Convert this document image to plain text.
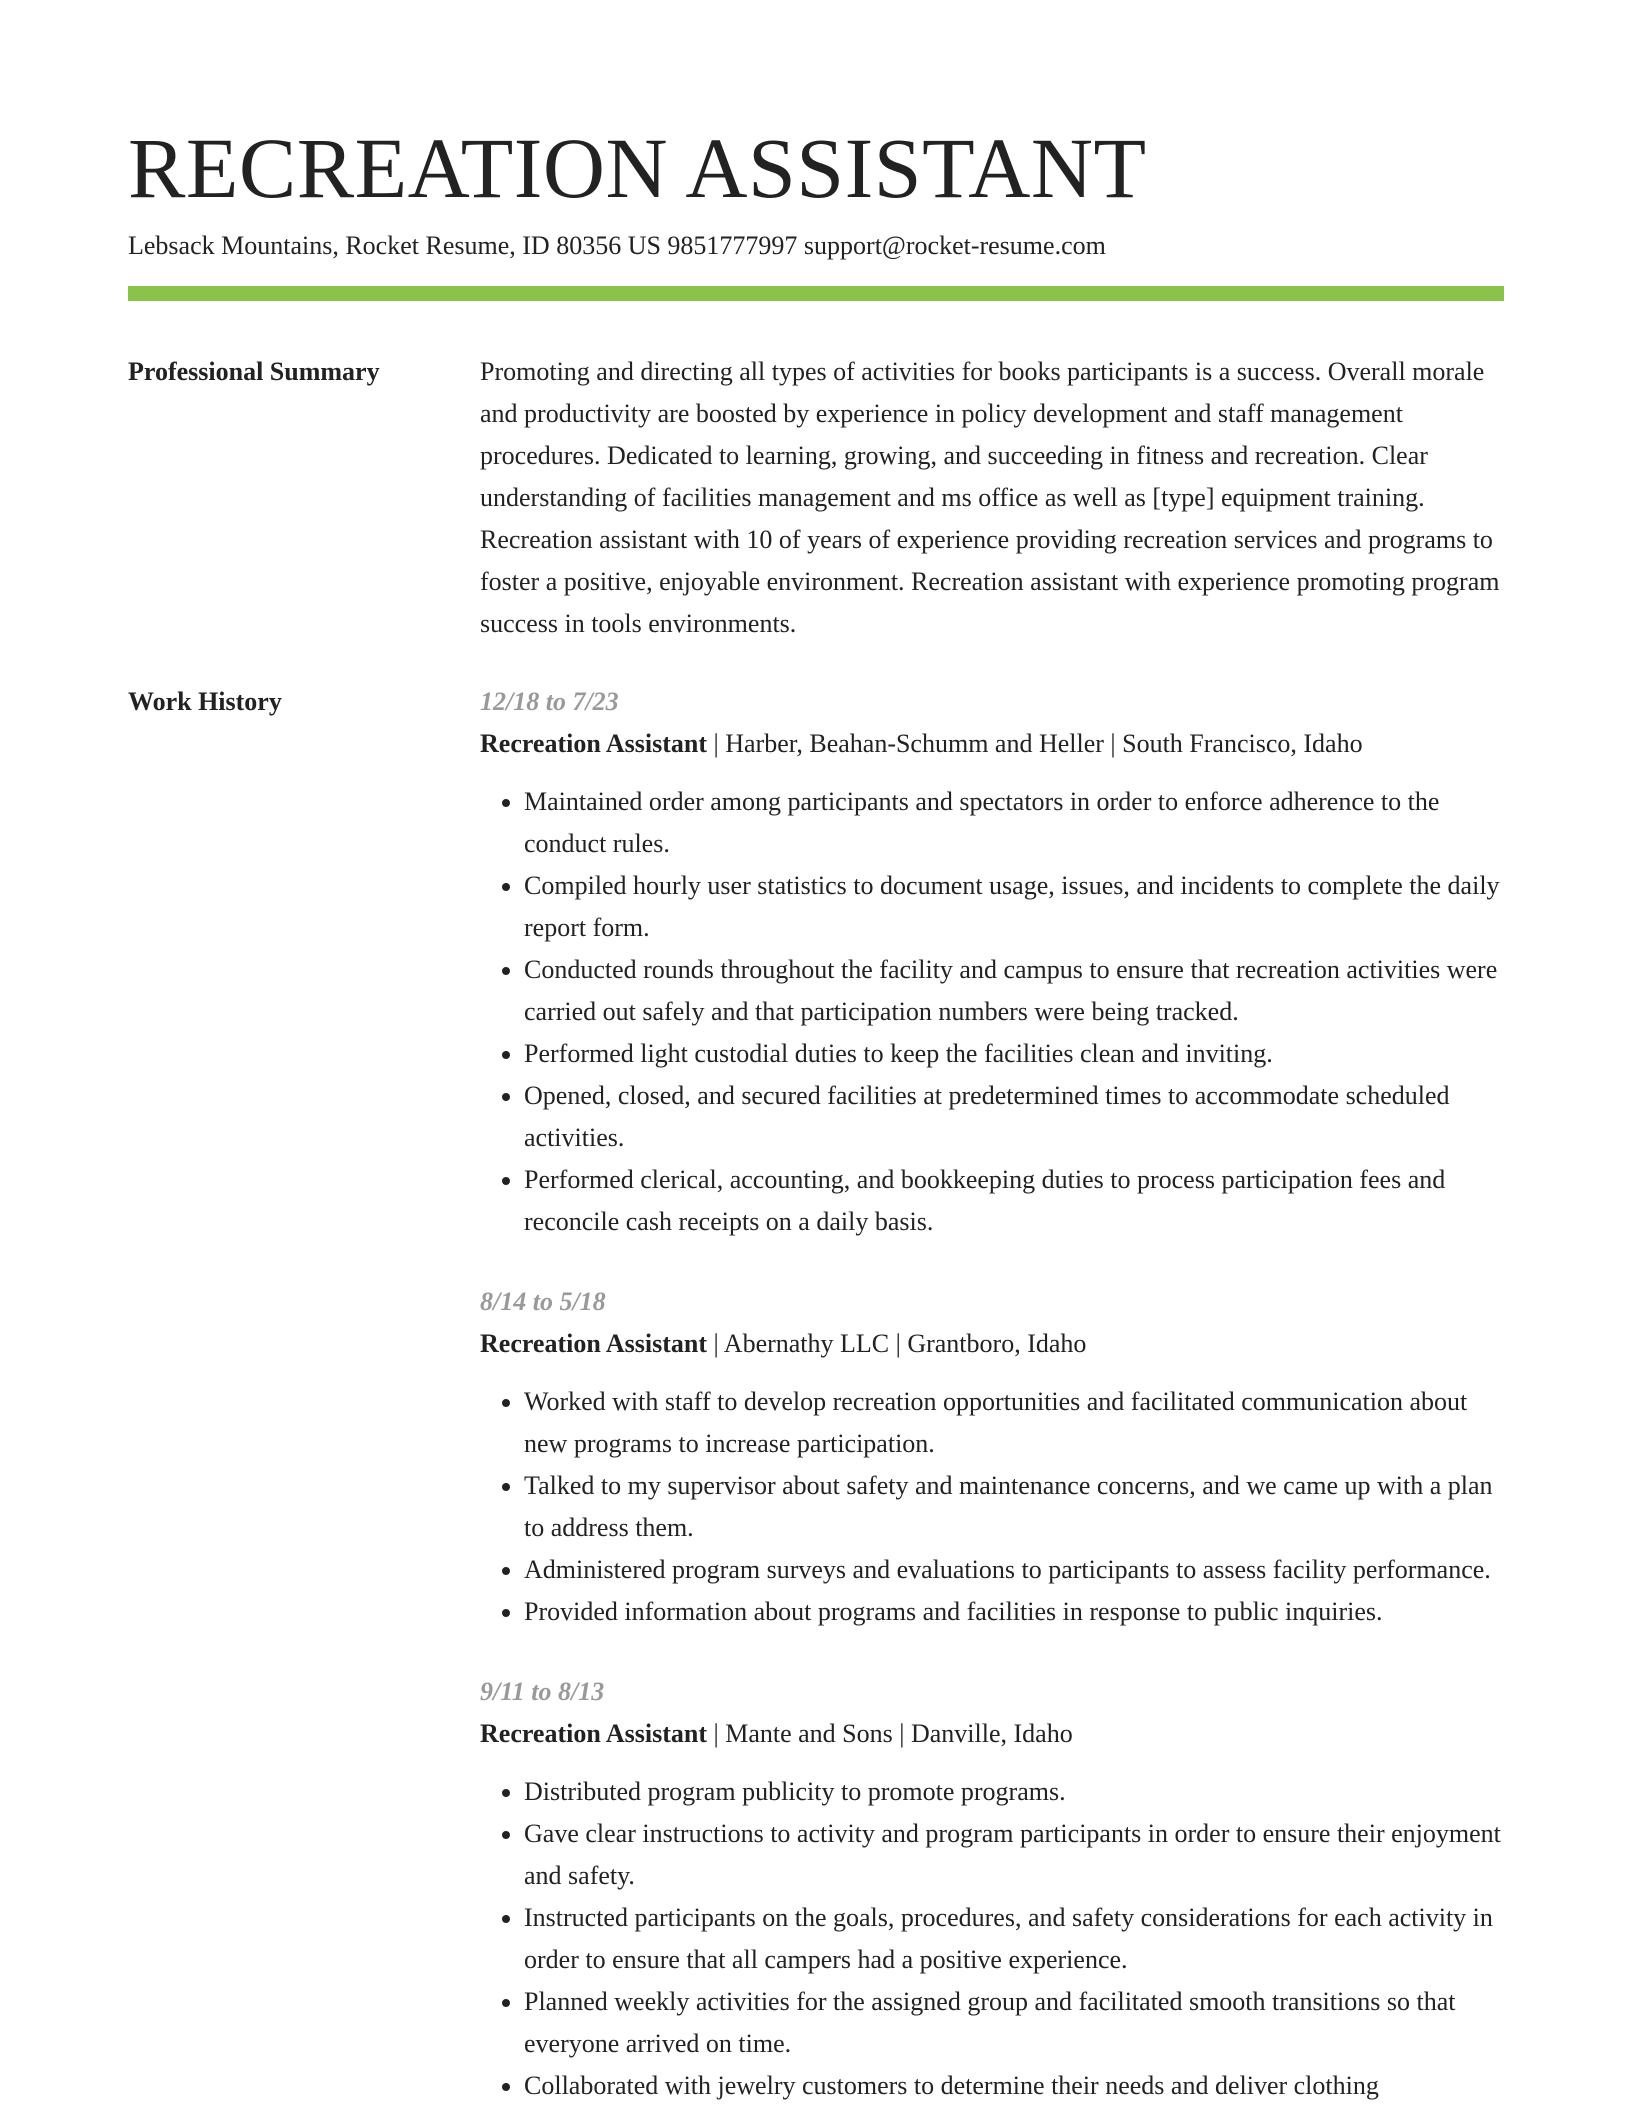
RECREATION ASSISTANT
Lebsack Mountains, Rocket Resume, ID 80356 US 9851777997 support@rocket-resume.com
Professional Summary	Promoting and directing all types of activities for books participants is a success. Overall morale and productivity are boosted by experience in policy development and staff management procedures. Dedicated to learning, growing, and succeeding in fitness and recreation. Clear understanding of facilities management and ms office as well as [type] equipment training. Recreation assistant with 10 of years of experience providing recreation services and programs to foster a positive, enjoyable environment. Recreation assistant with experience promoting program success in tools environments.

Work History	12/18 to 7/23
Recreation Assistant | Harber, Beahan-Schumm and Heller | South Francisco, Idaho
• Maintained order among participants and spectators in order to enforce adherence to the conduct rules.
• Compiled hourly user statistics to document usage, issues, and incidents to complete the daily report form.
• Conducted rounds throughout the facility and campus to ensure that recreation activities were carried out safely and that participation numbers were being tracked.
• Performed light custodial duties to keep the facilities clean and inviting.
• Opened, closed, and secured facilities at predetermined times to accommodate scheduled activities.
• Performed clerical, accounting, and bookkeeping duties to process participation fees and reconcile cash receipts on a daily basis.
8/14 to 5/18
Recreation Assistant | Abernathy LLC | Grantboro, Idaho
• Worked with staff to develop recreation opportunities and facilitated communication about new programs to increase participation.
• Talked to my supervisor about safety and maintenance concerns, and we came up with a plan to address them.
• Administered program surveys and evaluations to participants to assess facility performance.
• Provided information about programs and facilities in response to public inquiries.
9/11 to 8/13
Recreation Assistant | Mante and Sons | Danville, Idaho
• Distributed program publicity to promote programs.
• Gave clear instructions to activity and program participants in order to ensure their enjoyment and safety.
• Instructed participants on the goals, procedures, and safety considerations for each activity in order to ensure that all campers had a positive experience.
• Planned weekly activities for the assigned group and facilitated smooth transitions so that everyone arrived on time.
• Collaborated with jewelry customers to determine their needs and deliver clothing
